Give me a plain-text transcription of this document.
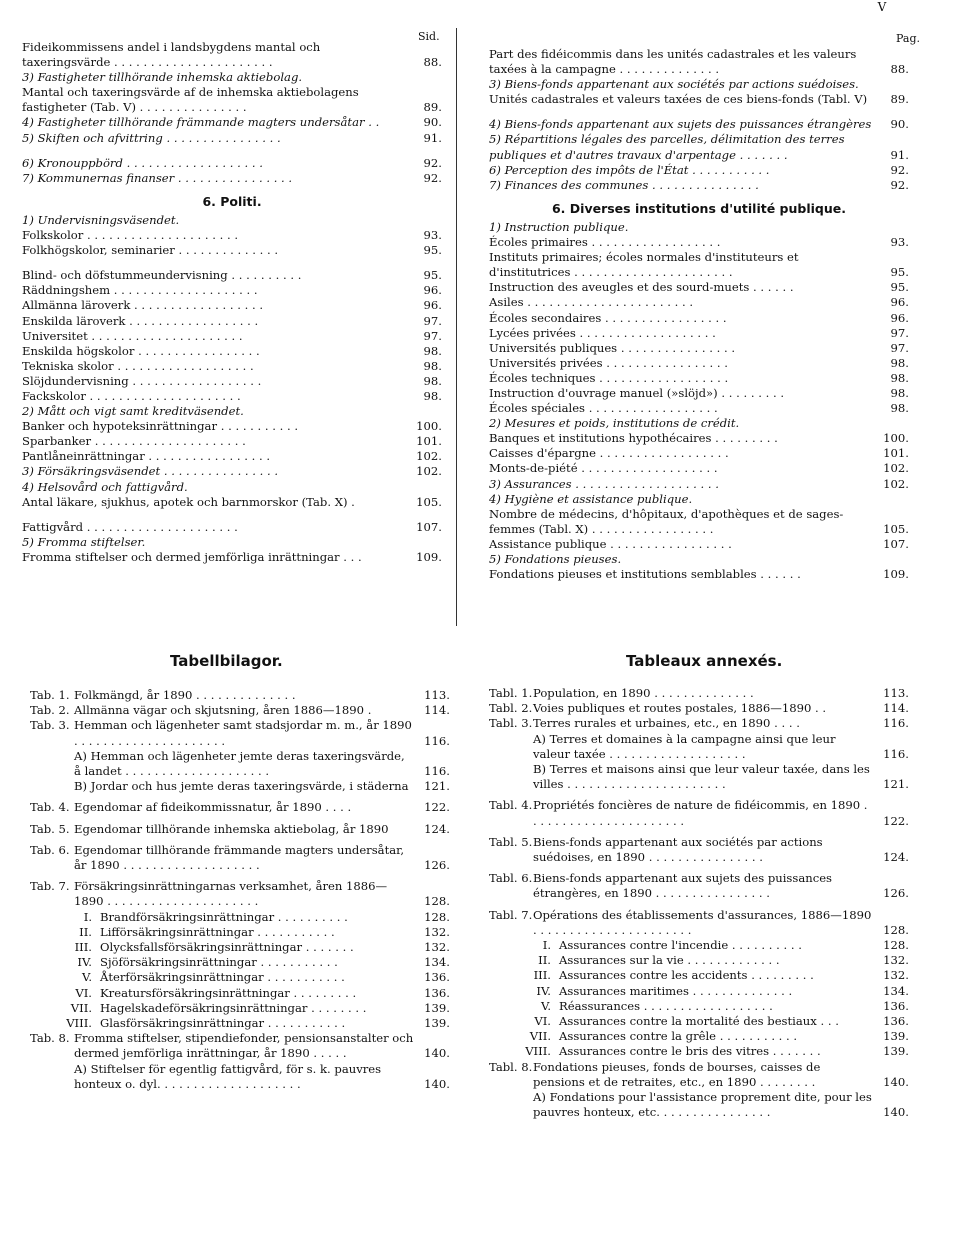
V
Sid.	Pag.
Fideikommissens andel i landsbygdens mantal och taxeringsvärde . . . . . . . . . . . . . . . . . . . . . .	88.
3) Fastigheter tillhörande inhemska aktiebolag.
Mantal och taxeringsvärde af de inhemska aktiebolagens fastigheter (Tab. V) . . . . . . . . . . . . . . .	89.
4) Fastigheter tillhörande främmande magters undersåtar . .	90.
5) Skiften och afvittring . . . . . . . . . . . . . . . .	91.
6) Kronouppbörd . . . . . . . . . . . . . . . . . . .	92.
7) Kommunernas finanser . . . . . . . . . . . . . . . .	92.
6. Politi.
1) Undervisningsväsendet.
Folkskolor . . . . . . . . . . . . . . . . . . . . .	93.
Folkhögskolor, seminarier . . . . . . . . . . . . . .	95.
Blind- och döfstummeundervisning . . . . . . . . . .	95.
Räddningshem . . . . . . . . . . . . . . . . . . . .	96.
Allmänna läroverk . . . . . . . . . . . . . . . . . .	96.
Enskilda läroverk . . . . . . . . . . . . . . . . . .	97.
Universitet . . . . . . . . . . . . . . . . . . . . .	97.
Enskilda högskolor . . . . . . . . . . . . . . . . .	98.
Tekniska skolor . . . . . . . . . . . . . . . . . . .	98.
Slöjdundervisning . . . . . . . . . . . . . . . . . .	98.
Fackskolor . . . . . . . . . . . . . . . . . . . . .	98.
2) Mått och vigt samt kreditväsendet.
Banker och hypoteksinrättningar . . . . . . . . . . .	100.
Sparbanker . . . . . . . . . . . . . . . . . . . . .	101.
Pantlåneinrättningar . . . . . . . . . . . . . . . . .	102.
3) Försäkringsväsendet . . . . . . . . . . . . . . . .	102.
4) Helsovård och fattigvård.
Antal läkare, sjukhus, apotek och barnmorskor (Tab. X) .	105.
Fattigvård . . . . . . . . . . . . . . . . . . . . .	107.
5) Fromma stiftelser.
Fromma stiftelser och dermed jemförliga inrättningar . . .	109.
Part des fidéicommis dans les unités cadastrales et les valeurs taxées à la campagne . . . . . . . . . . . . . .	88.
3) Biens-fonds appartenant aux sociétés par actions suédoises.
Unités cadastrales et valeurs taxées de ces biens-fonds (Tabl. V)	89.
4) Biens-fonds appartenant aux sujets des puissances étrangères	90.
5) Répartitions légales des parcelles, délimitation des terres publiques et d'autres travaux d'arpentage . . . . . . .	91.
6) Perception des impôts de l'État . . . . . . . . . . .	92.
7) Finances des communes . . . . . . . . . . . . . . .	92.
6. Diverses institutions d'utilité publique.
1) Instruction publique.
Écoles primaires . . . . . . . . . . . . . . . . . .	93.
Instituts primaires; écoles normales d'instituteurs et d'institutrices . . . . . . . . . . . . . . . . . . . . . .	95.
Instruction des aveugles et des sourd-muets . . . . . .	95.
Asiles . . . . . . . . . . . . . . . . . . . . . . .	96.
Écoles secondaires . . . . . . . . . . . . . . . . .	96.
Lycées privées . . . . . . . . . . . . . . . . . . .	97.
Universités publiques . . . . . . . . . . . . . . . .	97.
Universités privées . . . . . . . . . . . . . . . . .	98.
Écoles techniques . . . . . . . . . . . . . . . . . .	98.
Instruction d'ouvrage manuel (»slöjd») . . . . . . . . .	98.
Écoles spéciales . . . . . . . . . . . . . . . . . .	98.
2) Mesures et poids, institutions de crédit.
Banques et institutions hypothécaires . . . . . . . . .	100.
Caisses d'épargne . . . . . . . . . . . . . . . . . .	101.
Monts-de-piété . . . . . . . . . . . . . . . . . . .	102.
3) Assurances . . . . . . . . . . . . . . . . . . . .	102.
4) Hygiène et assistance publique.
Nombre de médecins, d'hôpitaux, d'apothèques et de sages-femmes (Tabl. X) . . . . . . . . . . . . . . . . .	105.
Assistance publique . . . . . . . . . . . . . . . . .	107.
5) Fondations pieuses.
Fondations pieuses et institutions semblables . . . . . .	109.
Tabellbilagor.	Tableaux annexés.
Tab. 1. Folkmängd, år 1890 . . . . . . . . . . . . . .	113.
Tab. 2. Allmänna vägar och skjutsning, åren 1886—1890 .	114.
Tab. 3. Hemman och lägenheter samt stadsjordar m. m., år 1890 . . . . . . . . . . . . . . . . . . . . .	116.
A) Hemman och lägenheter jemte deras taxeringsvärde, å landet . . . . . . . . . . . . . . . . . . . .	116.
B) Jordar och hus jemte deras taxeringsvärde, i städerna	121.
Tab. 4. Egendomar af fideikommissnatur, år 1890 . . . .	122.
Tab. 5. Egendomar tillhörande inhemska aktiebolag, år 1890	124.
Tab. 6. Egendomar tillhörande främmande magters undersåtar, år 1890 . . . . . . . . . . . . . . . . . . .	126.
Tab. 7. Försäkringsinrättningarnas verksamhet, åren 1886—1890 . . . . . . . . . . . . . . . . . . . . .	128.
I. Brandförsäkringsinrättningar . . . . . . . . . .	128.
II. Lifförsäkringsinrättningar . . . . . . . . . . .	132.
III. Olycksfallsförsäkringsinrättningar . . . . . . .	132.
IV. Sjöförsäkringsinrättningar . . . . . . . . . . .	134.
V. Återförsäkringsinrättningar . . . . . . . . . . .	136.
VI. Kreatursförsäkringsinrättningar . . . . . . . . .	136.
VII. Hagelskadeförsäkringsinrättningar . . . . . . . .	139.
VIII. Glasförsäkringsinrättningar . . . . . . . . . . .	139.
Tab. 8. Fromma stiftelser, stipendiefonder, pensionsanstalter och dermed jemförliga inrättningar, år 1890 . . . . .	140.
A) Stiftelser för egentlig fattigvård, för s. k. pauvres honteux o. dyl. . . . . . . . . . . . . . . . . . . .	140.
Tabl. 1. Population, en 1890 . . . . . . . . . . . . . .	113.
Tabl. 2. Voies publiques et routes postales, 1886—1890 . .	114.
Tabl. 3. Terres rurales et urbaines, etc., en 1890 . . . .	116.
A) Terres et domaines à la campagne ainsi que leur valeur taxée . . . . . . . . . . . . . . . . . . .	116.
B) Terres et maisons ainsi que leur valeur taxée, dans les villes . . . . . . . . . . . . . . . . . . . . . .	121.
Tabl. 4. Propriétés foncières de nature de fidéicommis, en 1890 . . . . . . . . . . . . . . . . . . . . . .	122.
Tabl. 5. Biens-fonds appartenant aux sociétés par actions suédoises, en 1890 . . . . . . . . . . . . . . . .	124.
Tabl. 6. Biens-fonds appartenant aux sujets des puissances étrangères, en 1890 . . . . . . . . . . . . . . . .	126.
Tabl. 7. Opérations des établissements d'assurances, 1886—1890 . . . . . . . . . . . . . . . . . . . . . .	128.
I. Assurances contre l'incendie . . . . . . . . . .	128.
II. Assurances sur la vie . . . . . . . . . . . . .	132.
III. Assurances contre les accidents . . . . . . . . .	132.
IV. Assurances maritimes . . . . . . . . . . . . . .	134.
V. Réassurances . . . . . . . . . . . . . . . . . .	136.
VI. Assurances contre la mortalité des bestiaux . . .	136.
VII. Assurances contre la grêle . . . . . . . . . . .	139.
VIII. Assurances contre le bris des vitres . . . . . . .	139.
Tabl. 8. Fondations pieuses, fonds de bourses, caisses de pensions et de retraites, etc., en 1890 . . . . . . . .	140.
A) Fondations pour l'assistance proprement dite, pour les pauvres honteux, etc. . . . . . . . . . . . . . . .	140.
